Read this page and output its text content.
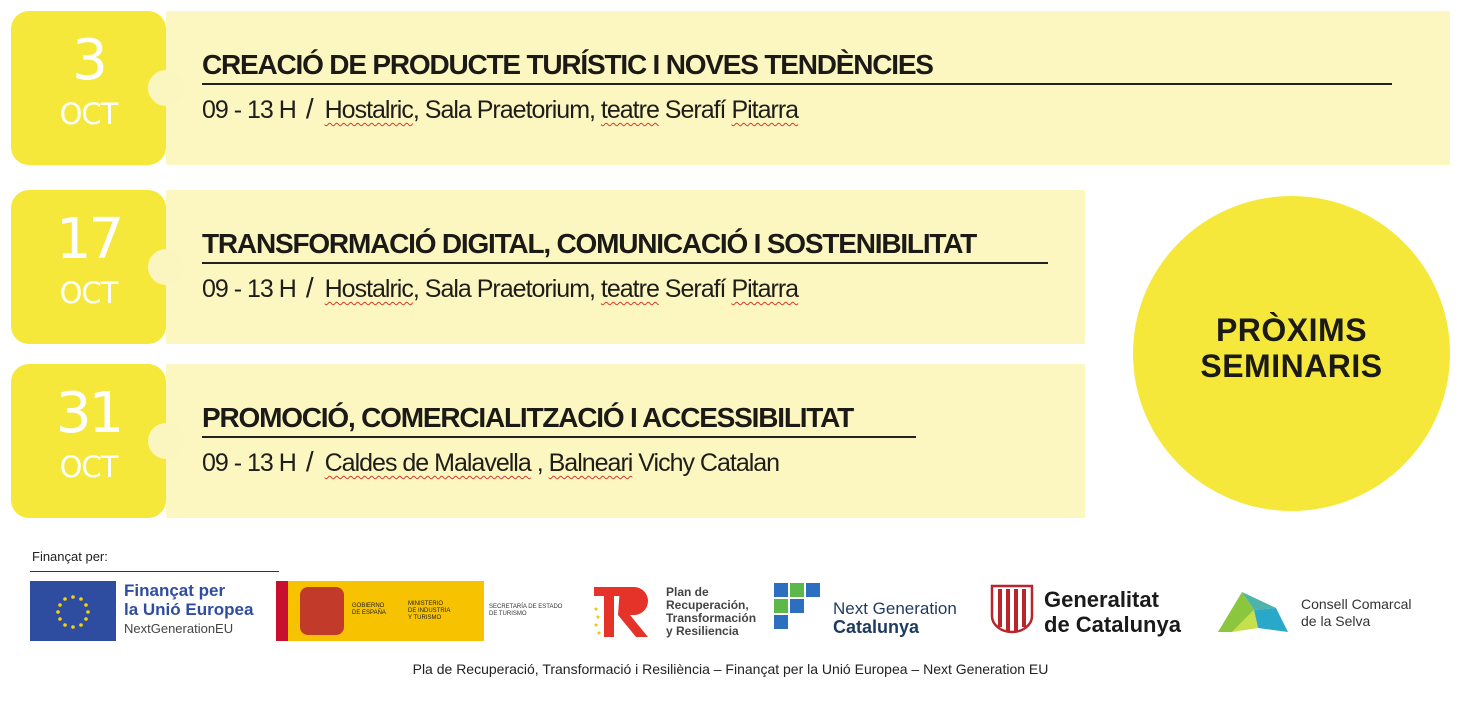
CREACIÓ DE PRODUCTE TURÍSTIC I NOVES TENDÈNCIES
09 - 13 H / Hostalric, Sala Praetorium, teatre Serafí Pitarra
3
OCT
TRANSFORMACIÓ DIGITAL, COMUNICACIÓ I SOSTENIBILITAT
09 - 13 H / Hostalric, Sala Praetorium, teatre Serafí Pitarra
17
OCT
PROMOCIÓ, COMERCIALITZACIÓ I ACCESSIBILITAT
09 - 13 H / Caldes de Malavella , Balneari Vichy Catalan
31
OCT
PRÒXIMS
SEMINARIS
Finançat per:
Finançat per
la Unió Europea
NextGenerationEU
GOBIERNO
DE ESPAÑA
MINISTERIO
DE INDUSTRIA
Y TURISMO
SECRETARÍA DE ESTADO
DE TURISMO
Plan de
Recuperación,
Transformación
y Resiliencia
Next Generation
Catalunya
Generalitat
de Catalunya
Consell Comarcal
de la Selva
Pla de Recuperació, Transformació i Resiliència – Finançat per la Unió Europea – Next Generation EU
